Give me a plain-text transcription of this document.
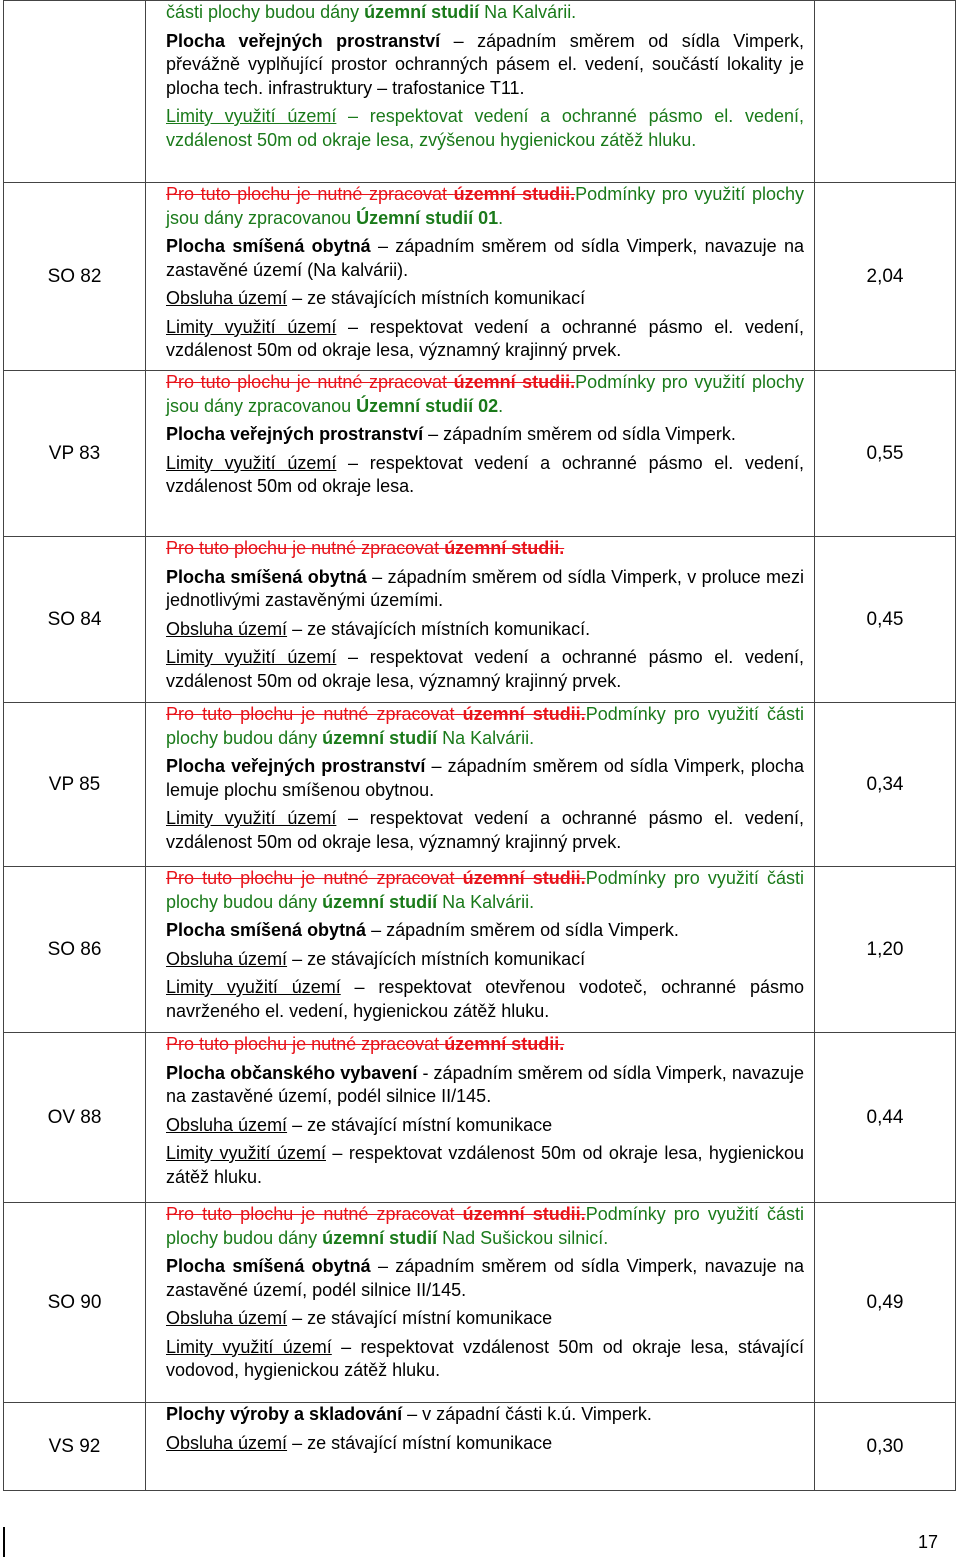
	části plochy budou dány územní studií Na Kalvárii.

Plocha veřejných prostranství – západním směrem od sídla Vimperk, převážně vyplňující prostor ochranných pásem el. vedení, součástí lokality je plocha tech. infrastruktury – trafostanice T11.

Limity využití území – respektovat vedení a ochranné pásmo el. vedení, vzdálenost 50m od okraje lesa, zvýšenou hygienickou zátěž hluku.	

SO 82	Pro tuto plochu je nutné zpracovat územní studii.Podmínky pro využití plochy jsou dány zpracovanou Územní studií 01.

Plocha smíšená obytná – západním směrem od sídla Vimperk, navazuje na zastavěné území (Na kalvárii).

Obsluha území – ze stávajících místních komunikací

Limity využití území – respektovat vedení a ochranné pásmo el. vedení, vzdálenost 50m od okraje lesa, významný krajinný prvek.	2,04
VP 83	Pro tuto plochu je nutné zpracovat územní studii.Podmínky pro využití plochy jsou dány zpracovanou Územní studií 02.

Plocha veřejných prostranství – západním směrem od sídla Vimperk.

Limity využití území – respektovat vedení a ochranné pásmo el. vedení, vzdálenost 50m od okraje lesa.	0,55
SO 84	Pro tuto plochu je nutné zpracovat územní studii.

Plocha smíšená obytná – západním směrem od sídla Vimperk, v proluce mezi jednotlivými zastavěnými územími.

Obsluha území – ze stávajících místních komunikací.

Limity využití území – respektovat vedení a ochranné pásmo el. vedení, vzdálenost 50m od okraje lesa, významný krajinný prvek.	0,45
VP 85	Pro tuto plochu je nutné zpracovat územní studii.Podmínky pro využití části plochy budou dány územní studií Na Kalvárii.

Plocha veřejných prostranství – západním směrem od sídla Vimperk, plocha lemuje plochu smíšenou obytnou.

Limity využití území – respektovat vedení a ochranné pásmo el. vedení, vzdálenost 50m od okraje lesa, významný krajinný prvek.	0,34
SO 86	Pro tuto plochu je nutné zpracovat územní studii.Podmínky pro využití části plochy budou dány územní studií Na Kalvárii.

Plocha smíšená obytná – západním směrem od sídla Vimperk.

Obsluha území – ze stávajících místních komunikací

Limity využití území – respektovat otevřenou vodoteč, ochranné pásmo navrženého el. vedení, hygienickou zátěž hluku.	1,20
OV 88	Pro tuto plochu je nutné zpracovat územní studii.

Plocha občanského vybavení - západním směrem od sídla Vimperk, navazuje na zastavěné území, podél silnice II/145.

Obsluha území – ze stávající místní komunikace

Limity využití území – respektovat vzdálenost 50m od okraje lesa, hygienickou zátěž hluku.	0,44
SO 90	Pro tuto plochu je nutné zpracovat územní studii.Podmínky pro využití části plochy budou dány územní studií Nad Sušickou silnicí.

Plocha smíšená obytná – západním směrem od sídla Vimperk, navazuje na zastavěné území, podél silnice II/145.

Obsluha území – ze stávající místní komunikace

Limity využití území – respektovat vzdálenost 50m od okraje lesa, stávající vodovod, hygienickou zátěž hluku.	0,49
VS 92	Plochy výroby a skladování – v západní části k.ú. Vimperk.

Obsluha území – ze stávající místní komunikace	0,30
17
